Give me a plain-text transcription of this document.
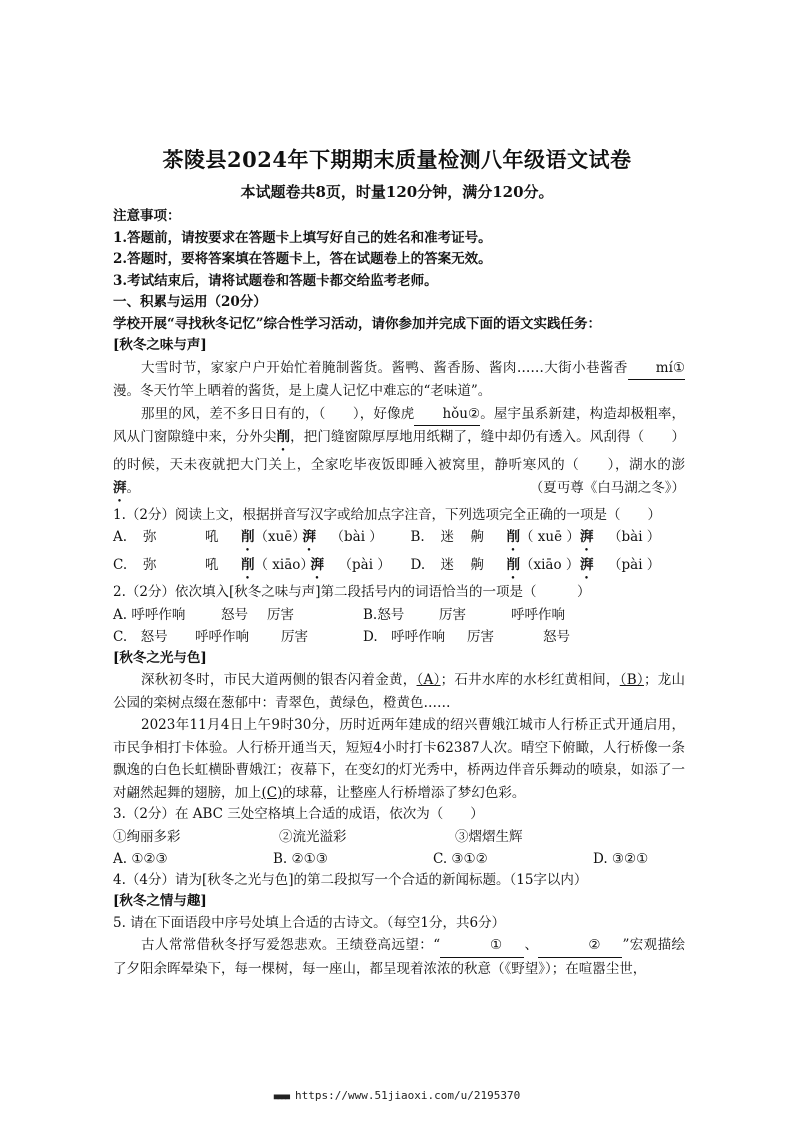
茶陵县2024年下期期末质量检测八年级语文试卷
本试题卷共8页，时量120分钟，满分120分。
注意事项：
1.答题前，请按要求在答题卡上填写好自己的姓名和准考证号。
2.答题时，要将答案填在答题卡上，答在试题卷上的答案无效。
3.考试结束后，请将试题卷和答题卡都交给监考老师。
一、积累与运用（20分）
学校开展“寻找秋冬记忆”综合性学习活动，请你参加并完成下面的语文实践任务：
[秋冬之味与声]
大雪时节，家家户户开始忙着腌制酱货。酱鸭、酱香肠、酱肉……大街小巷酱香 mí①漫。冬天竹竿上晒着的酱货，是上虞人记忆中难忘的“老味道”。
那里的风，差不多日日有的，（　　），好像虎 hǒu②。屋宇虽系新建，构造却极粗率，风从门窗隙缝中来，分外尖削，把门缝窗隙厚厚地用纸糊了，缝中却仍有透入。风刮得（　　）的时候，天未夜就把大门关上，全家吃毕夜饭即睡入被窝里，静听寒风的（　　），湖水的澎湃。	（夏丏尊《白马湖之冬》）
1.（2分）阅读上文，根据拼音写汉字或给加点字注音，下列选项完全正确的一项是（　　）
A. 弥	吼 削（xuē）湃 （bài ） B. 迷 齁 削（ xuē ）湃 （bài ）
C. 弥	吼 削（ xiāo）湃 （pài ） D. 迷 齁 削（xiāo ）湃 （pài ）
2.（2分）依次填入[秋冬之味与声]第二段括号内的词语恰当的一项是（　　　）
A. 呼呼作响	怒号 厉害	B.怒号	厉害	呼呼作响
C.　怒号 呼呼作响 厉害	D.　呼呼作响 厉害	怒号
[秋冬之光与色]
深秋初冬时，市民大道两侧的银杏闪着金黄，（A）；石井水库的水杉红黄相间，（B）；龙山公园的栾树点缀在葱郁中：青翠色，黄绿色，橙黄色……
2023年11月4日上午9时30分，历时近两年建成的绍兴曹娥江城市人行桥正式开通启用，市民争相打卡体验。人行桥开通当天，短短4小时打卡62387人次。晴空下俯瞰，人行桥像一条飘逸的白色长虹横卧曹娥江；夜幕下，在变幻的灯光秀中，桥两边伴音乐舞动的喷泉，如添了一对翩然起舞的翅膀，加上(C)的球幕，让整座人行桥增添了梦幻色彩。
3.（2分）在 ABC 三处空格填上合适的成语，依次为（　　）
①绚丽多彩	②流光溢彩	③熠熠生辉
A. ①②③	B. ②①③	C. ③①②	D. ③②①
4.（4分）请为[秋冬之光与色]的第二段拟写一个合适的新闻标题。（15字以内）
[秋冬之情与趣]
5. 请在下面语段中序号处填上合适的古诗文。（每空1分，共6分）
古人常常借秋冬抒写爱怨悲欢。王绩登高远望：“	① 、	② ”宏观描绘了夕阳余晖晕染下，每一棵树，每一座山，都呈现着浓浓的秋意（《野望》）；在喧嚣尘世，
■■■■ https://www.51jiaoxi.com/u/2195370
